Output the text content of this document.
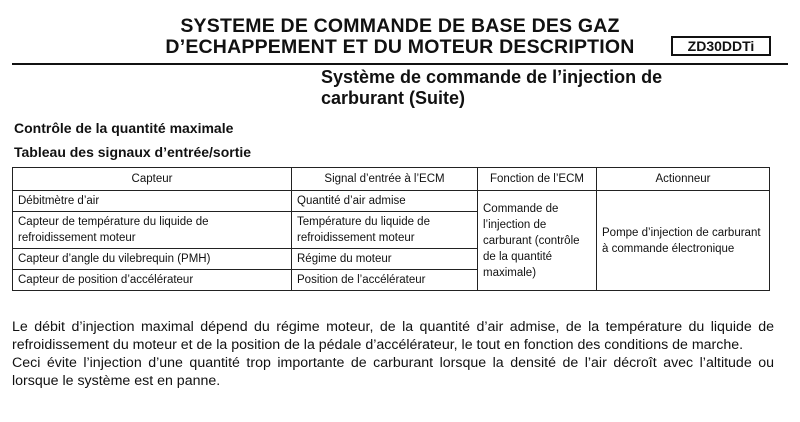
SYSTEME DE COMMANDE DE BASE DES GAZ
D’ECHAPPEMENT ET DU MOTEUR DESCRIPTION	ZD30DDTi
Système de commande de l’injection de
carburant (Suite)
Contrôle de la quantité maximale
Tableau des signaux d’entrée/sortie
Capteur	Signal d’entrée à l’ECM	Fonction de l’ECM	Actionneur
Débitmètre d’air	Quantité d’air admise	Commande de l’injection de carburant (contrôle de la quantité maximale)	Pompe d’injection de carburant à commande électronique
Capteur de température du liquide de refroidissement moteur	Température du liquide de refroidissement moteur		
Capteur d’angle du vilebrequin (PMH)	Régime du moteur		
Capteur de position d’accélérateur	Position de l’accélérateur		

Le débit d’injection maximal dépend du régime moteur, de la quantité d’air admise, de la température du liquide de refroidissement du moteur et de la position de la pédale d’accélérateur, le tout en fonction des conditions de marche.

Ceci évite l’injection d’une quantité trop importante de carburant lorsque la densité de l’air décroît avec l’altitude ou lorsque le système est en panne.
